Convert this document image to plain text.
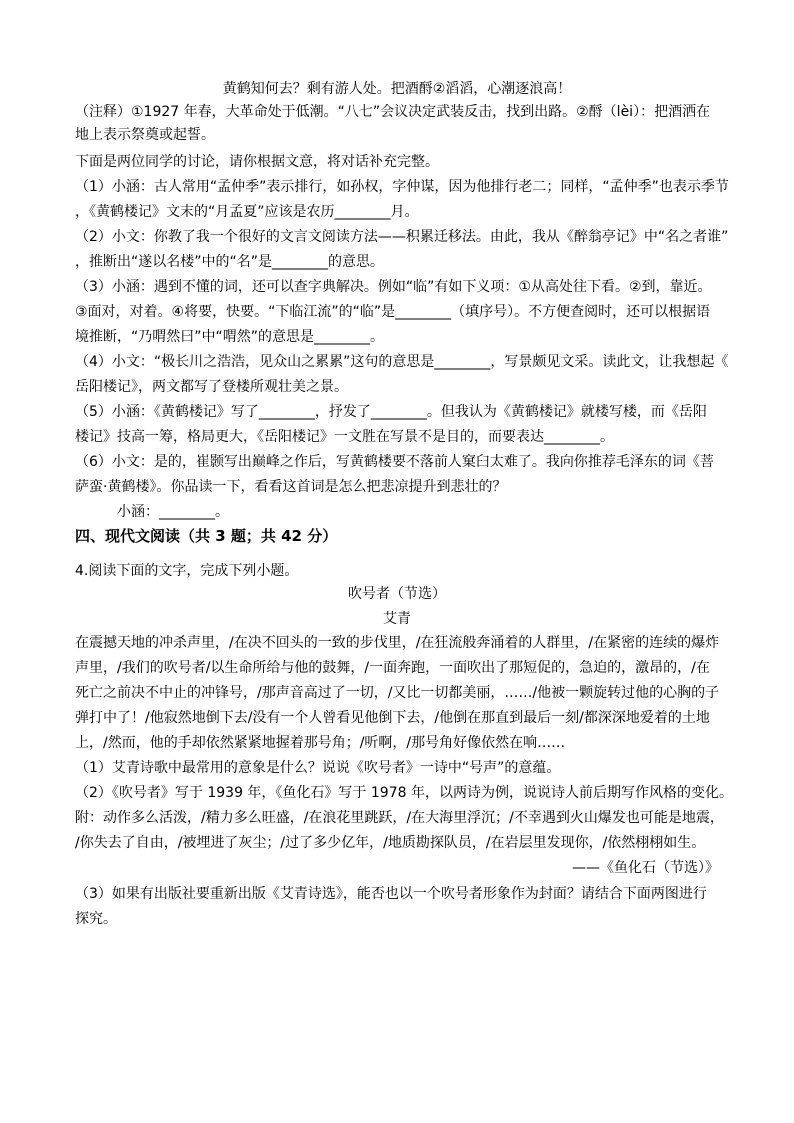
黄鹤知何去？剩有游人处。把酒酹②滔滔，心潮逐浪高！
（注释）①1927 年春，大革命处于低潮。“八七”会议决定武装反击，找到出路。②酹（lèi）：把酒洒在
地上表示祭奠或起誓。
下面是两位同学的讨论，请你根据文意，将对话补充完整。
（1）小涵：古人常用“孟仲季”表示排行，如孙权，字仲谋，因为他排行老二；同样，“孟仲季”也表示季节
，《黄鹤楼记》文末的“月孟夏”应该是农历________月。
（2）小文：你教了我一个很好的文言文阅读方法——积累迁移法。由此，我从《醉翁亭记》中“名之者谁”
，推断出“遂以名楼”中的“名”是________的意思。
（3）小涵：遇到不懂的词，还可以查字典解决。例如“临”有如下义项：①从高处往下看。②到，靠近。
③面对，对着。④将要，快要。“下临江流”的“临”是________（填序号）。不方便查阅时，还可以根据语
境推断，“乃喟然曰”中“喟然”的意思是________。
（4）小文：“极长川之浩浩，见众山之累累”这句的意思是________，写景颇见文采。读此文，让我想起《
岳阳楼记》，两文都写了登楼所观壮美之景。
（5）小涵：《黄鹤楼记》写了________，抒发了________。但我认为《黄鹤楼记》就楼写楼，而《岳阳
楼记》技高一筹，格局更大，《岳阳楼记》一文胜在写景不是目的，而要表达________。
（6）小文：是的，崔颢写出巅峰之作后，写黄鹤楼要不落前人窠臼太难了。我向你推荐毛泽东的词《菩
萨蛮·黄鹤楼》。你品读一下，看看这首词是怎么把悲凉提升到悲壮的？
小涵：________。
四、现代文阅读（共 3 题；共 42 分）
4.阅读下面的文字，完成下列小题。
吹号者（节选）
艾青
在震撼天地的冲杀声里，/在决不回头的一致的步伐里，/在狂流般奔涌着的人群里，/在紧密的连续的爆炸
声里，/我们的吹号者/以生命所给与他的鼓舞，/一面奔跑，一面吹出了那短促的，急迫的，激昂的，/在
死亡之前决不中止的冲锋号，/那声音高过了一切，/又比一切都美丽，……/他被一颗旋转过他的心胸的子
弹打中了！/他寂然地倒下去/没有一个人曾看见他倒下去，/他倒在那直到最后一刻/都深深地爱着的土地
上，/然而，他的手却依然紧紧地握着那号角；/听啊，/那号角好像依然在响……
（1）艾青诗歌中最常用的意象是什么？说说《吹号者》一诗中“号声”的意蕴。
（2）《吹号者》写于 1939 年，《鱼化石》写于 1978 年，以两诗为例，说说诗人前后期写作风格的变化。
附：动作多么活泼，/精力多么旺盛，/在浪花里跳跃，/在大海里浮沉；/不幸遇到火山爆发也可能是地震，
/你失去了自由，/被埋进了灰尘；/过了多少亿年，/地质勘探队员，/在岩层里发现你，/依然栩栩如生。
——《鱼化石（节选）》
（3）如果有出版社要重新出版《艾青诗选》，能否也以一个吹号者形象作为封面？请结合下面两图进行
探究。
